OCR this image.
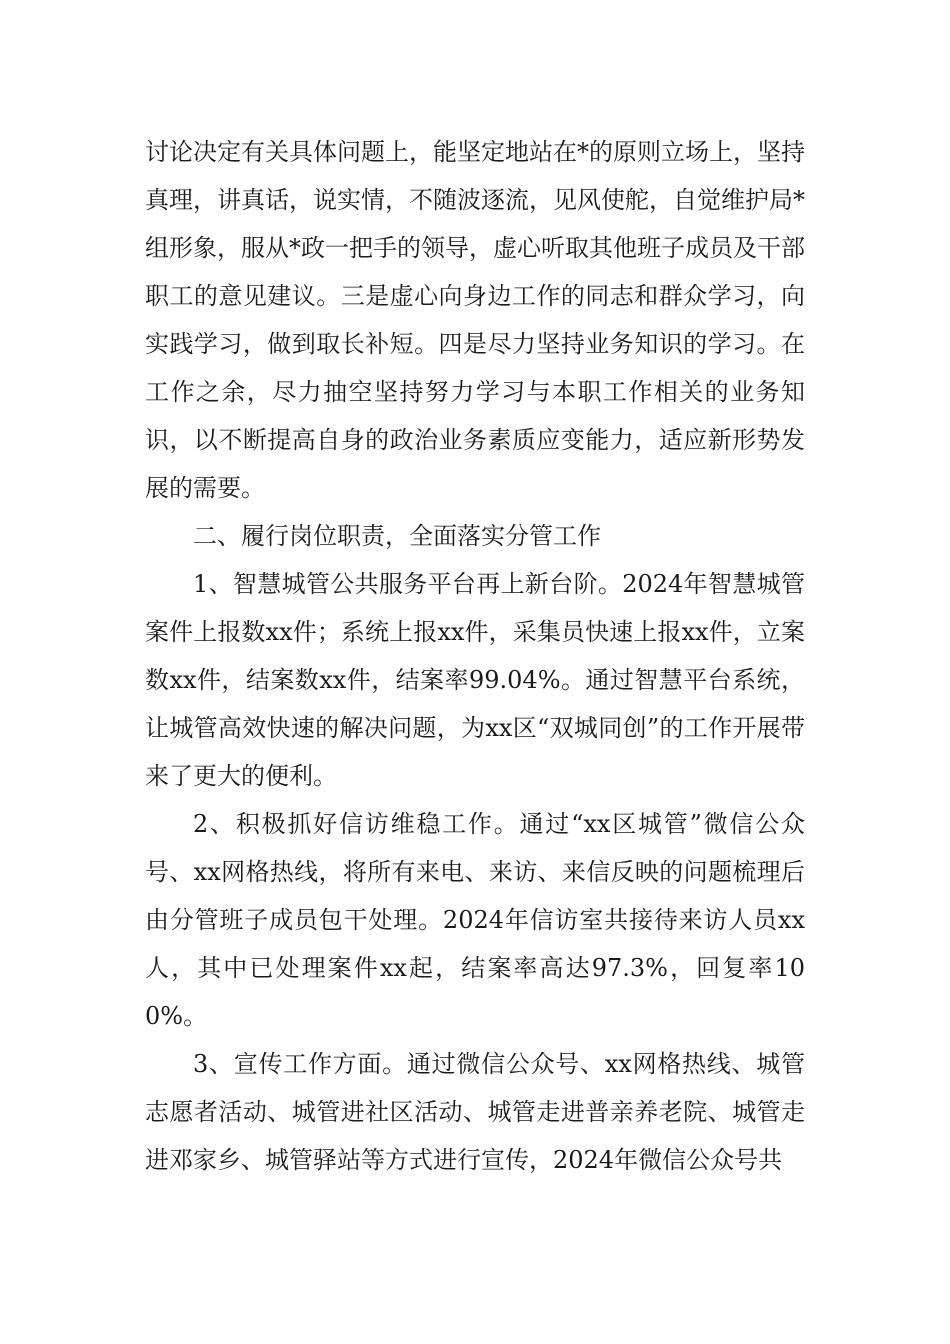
讨论决定有关具体问题上，能坚定地站在*的原则立场上，坚持真理，讲真话，说实情，不随波逐流，见风使舵，自觉维护局*组形象，服从*政一把手的领导，虚心听取其他班子成员及干部职工的意见建议。三是虚心向身边工作的同志和群众学习，向实践学习，做到取长补短。四是尽力坚持业务知识的学习。在工作之余，尽力抽空坚持努力学习与本职工作相关的业务知识，以不断提高自身的政治业务素质应变能力，适应新形势发展的需要。

二、履行岗位职责，全面落实分管工作

1、智慧城管公共服务平台再上新台阶。2024年智慧城管案件上报数xx件；系统上报xx件，采集员快速上报xx件，立案数xx件，结案数xx件，结案率99.04%。通过智慧平台系统，让城管高效快速的解决问题，为xx区“双城同创”的工作开展带来了更大的便利。

2、积极抓好信访维稳工作。通过“xx区城管”微信公众号、xx网格热线，将所有来电、来访、来信反映的问题梳理后由分管班子成员包干处理。2024年信访室共接待来访人员xx人，其中已处理案件xx起，结案率高达97.3%，回复率100%。

3、宣传工作方面。通过微信公众号、xx网格热线、城管志愿者活动、城管进社区活动、城管走进普亲养老院、城管走进邓家乡、城管驿站等方式进行宣传，2024年微信公众号共
